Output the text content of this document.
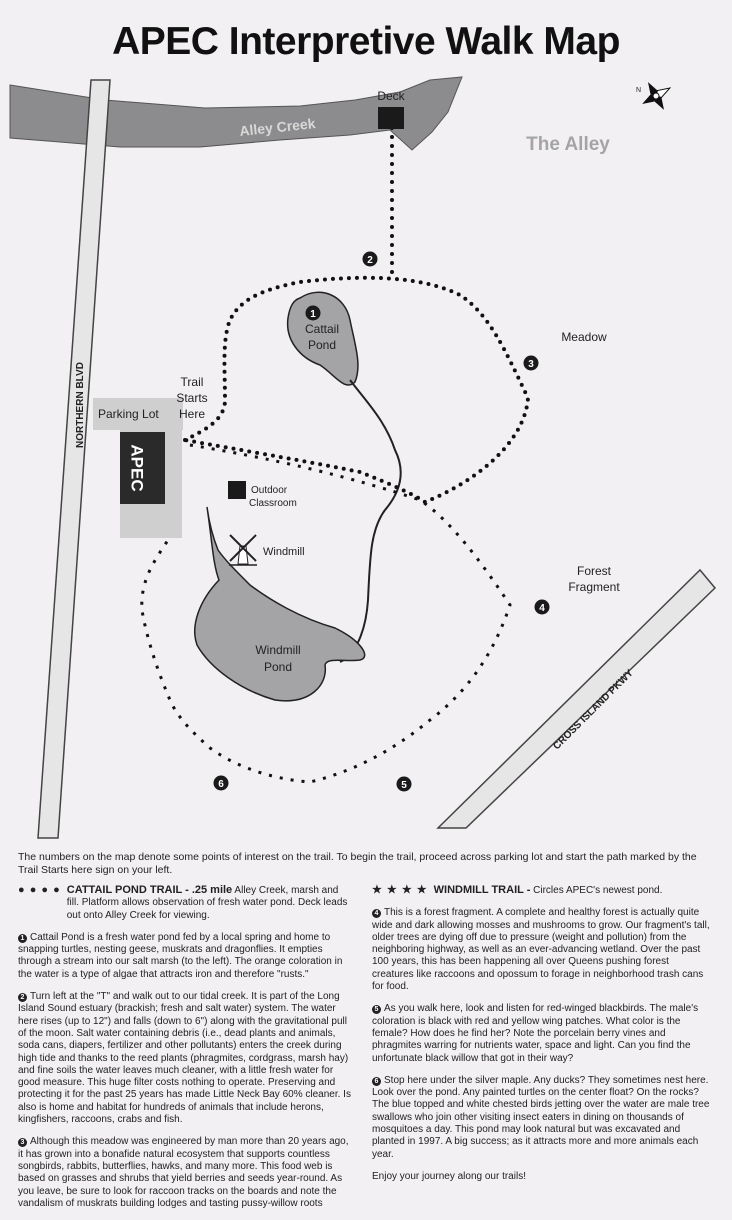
APEC Interpretive Walk Map
Alley Creek
NORTHERN BLVD
CROSS ISLAND PKWY
Parking Lot
APEC
Cattail
Pond
Windmill
Pond
Deck
The Alley
N
Trail
Starts
Here
Meadow
Outdoor
Classroom
Windmill
Forest
Fragment
1
2
3
4
5
6
The numbers on the map denote some points of interest on the trail. To begin the trail, proceed across parking lot and start the path marked by the Trail Starts here sign on your left.
● ● ● ● CATTAIL POND TRAIL - .25 mile Alley Creek, marsh and fill. Platform allows observation of fresh water pond. Deck leads out onto Alley Creek for viewing.

1 Cattail Pond is a fresh water pond fed by a local spring and home to snapping turtles, nesting geese, muskrats and dragonflies. It empties through a stream into our salt marsh (to the left). The orange coloration in the water is a type of algae that attracts iron and therefore "rusts."

2 Turn left at the "T" and walk out to our tidal creek. It is part of the Long Island Sound estuary (brackish; fresh and salt water) system. The water here rises (up to 12") and falls (down to 6") along with the gravitational pull of the moon. Salt water containing debris (i.e., dead plants and animals, soda cans, diapers, fertilizer and other pollutants) enters the creek during high tide and thanks to the reed plants (phragmites, cordgrass, marsh hay) and fine soils the water leaves much cleaner, with a little fresh water for good measure. This huge filter costs nothing to operate. Preserving and protecting it for the past 25 years has made Little Neck Bay 60% cleaner. Is also is home and habitat for hundreds of animals that include herons, kingfishers, raccoons, crabs and fish.

3 Although this meadow was engineered by man more than 20 years ago, it has grown into a bonafide natural ecosystem that supports countless songbirds, rabbits, butterflies, hawks, and many more. This food web is based on grasses and shrubs that yield berries and seeds year-round. As you leave, be sure to look for raccoon tracks on the boards and note the vandalism of muskrats building lodges and tasting pussy-willow roots

★ ★ ★ ★ WINDMILL TRAIL - Circles APEC's newest pond.

4 This is a forest fragment. A complete and healthy forest is actually quite wide and dark allowing mosses and mushrooms to grow. Our fragment's tall, older trees are dying off due to pressure (weight and pollution) from the neighboring highway, as well as an ever-advancing wetland. Over the past 100 years, this has been happening all over Queens pushing forest creatures like raccoons and opossum to forage in neighborhood trash cans for food.

5 As you walk here, look and listen for red-winged blackbirds. The male's coloration is black with red and yellow wing patches. What color is the female? How does he find her? Note the porcelain berry vines and phragmites warring for nutrients water, space and light. Can you find the unfortunate black willow that got in their way?

6 Stop here under the silver maple. Any ducks? They sometimes nest here. Look over the pond. Any painted turtles on the center float? On the rocks? The blue topped and white chested birds jetting over the water are male tree swallows who join other visiting insect eaters in dining on thousands of mosquitoes a day. This pond may look natural but was excavated and planted in 1997. A big success; as it attracts more and more animals each year.

Enjoy your journey along our trails!
